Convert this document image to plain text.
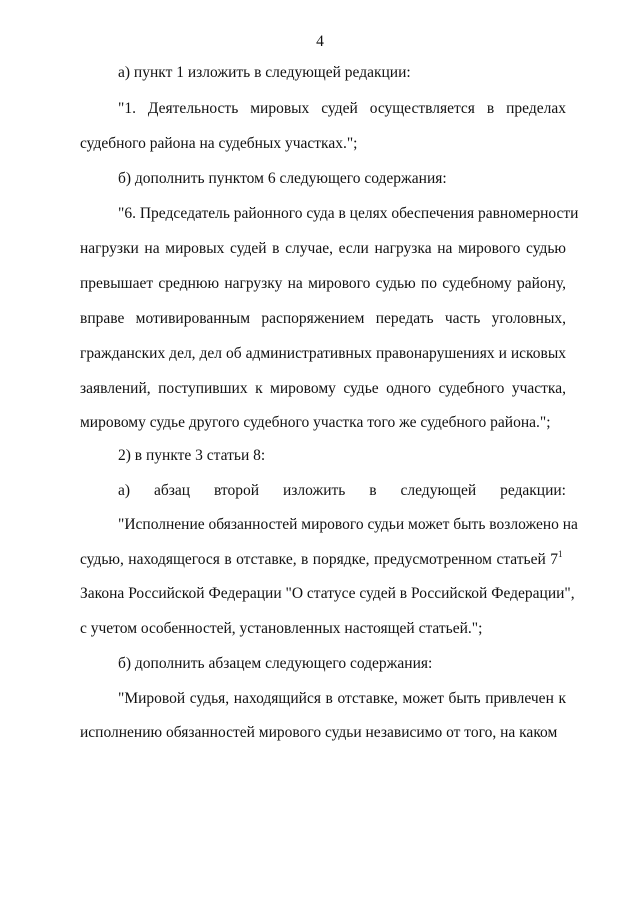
4
а) пункт 1 изложить в следующей редакции:
"1. Деятельность мировых судей осуществляется в пределах
судебного района на судебных участках.";
б) дополнить пунктом 6 следующего содержания:
"6. Председатель районного суда в целях обеспечения равномерности
нагрузки на мировых судей в случае, если нагрузка на мирового судью
превышает среднюю нагрузку на мирового судью по судебному району,
вправе мотивированным распоряжением передать часть уголовных,
гражданских дел, дел об административных правонарушениях и исковых
заявлений, поступивших к мировому судье одного судебного участка,
мировому судье другого судебного участка того же судебного района.";
2) в пункте 3 статьи 8:
а) абзац второй изложить в следующей редакции:
"Исполнение обязанностей мирового судьи может быть возложено на
судью, находящегося в отставке, в порядке, предусмотренном статьей $7^1$
Закона Российской Федерации "О статусе судей в Российской Федерации",
с учетом особенностей, установленных настоящей статьей.";
б) дополнить абзацем следующего содержания:
"Мировой судья, находящийся в отставке, может быть привлечен к
исполнению обязанностей мирового судьи независимо от того, на каком
